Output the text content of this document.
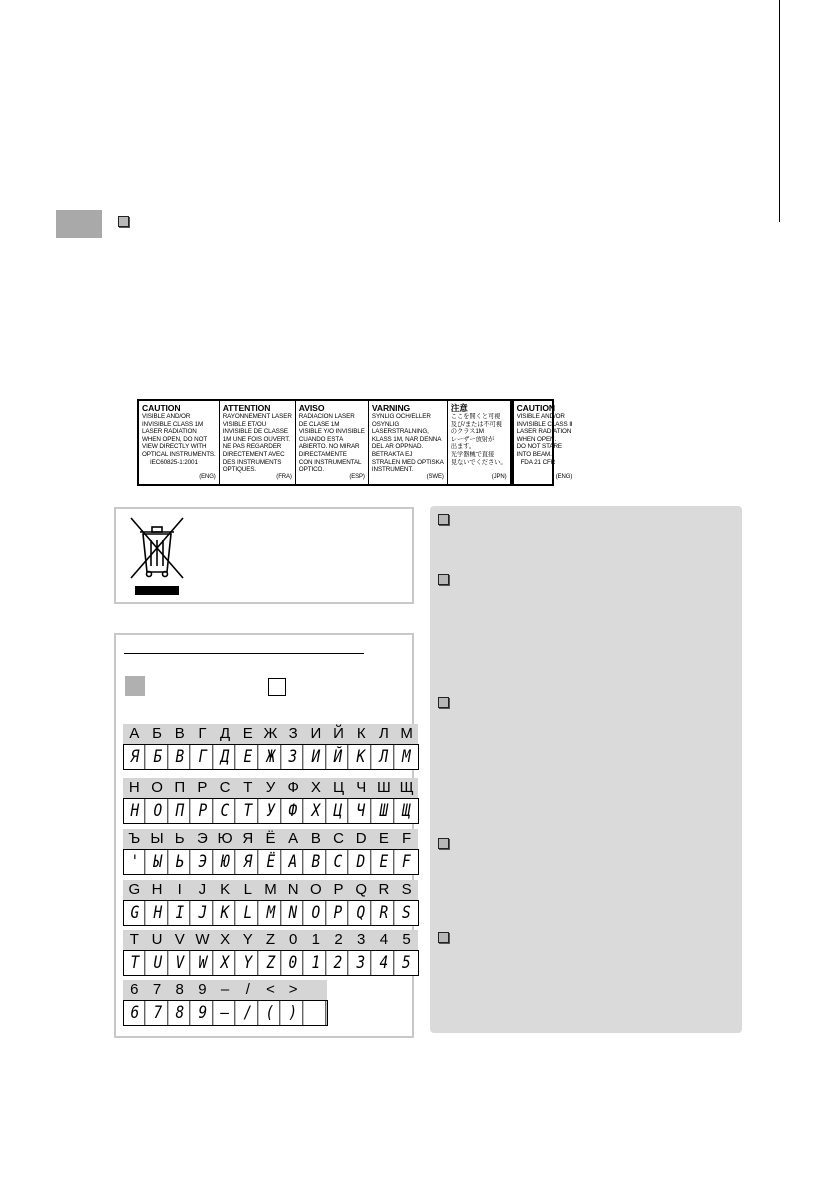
CAUTION
VISIBLE AND/OR
INVISIBLE CLASS 1M
LASER RADIATION
WHEN OPEN, DO NOT
VIEW DIRECTLY WITH
OPTICAL INSTRUMENTS.
IEC60825-1:2001
(ENG)
ATTENTION
RAYONNEMENT LASER
VISIBLE ET/OU
INVISIBLE DE CLASSE
1M UNE FOIS OUVERT.
NE PAS REGARDER
DIRECTEMENT AVEC
DES INSTRUMENTS
OPTIQUES.
(FRA)
AVISO
RADIACIÓN LÁSER
DE CLASE 1M
VISIBLE Y/O INVISIBLE
CUANDO ESTÁ
ABIERTO. NO MIRAR
DIRECTAMENTE
CON INSTRUMENTAL
ÓPTICO.
(ESP)
VARNING
SYNLIG OCH/ELLER
OSYNLIG
LASERSTRÅLNING,
KLASS 1M, NÄR DENNA
DEL ÄR ÖPPNAD.
BETRAKTA EJ
STRÅLEN MED OPTISKA
INSTRUMENT.
(SWE)
注意
ここを開くと可視
及び/または不可視
のクラス1M
レーザー放射が
出ます。
光学器械で直接
見ないでください。
(JPN)
CAUTION
VISIBLE AND/OR
INVISIBLE CLASS Ⅱ
LASER RADIATION
WHEN OPEN.
DO NOT STARE
INTO BEAM.
FDA 21 CFR
(ENG)
А Б В Г Д Е Ж З И Й К Л М
Я Б В Г Д Е Ж З И Й К Л М
Н О П Р С Т У Ф Х Ц Ч Ш Щ
Н О П Р С Т У Ф Х Ц Ч Ш Щ
Ъ Ы Ь Э Ю Я Ё A B C D E F
' Ы Ь Э Ю Я Ё A B C D E F
G H	I	J K L M N O P Q R S
G H I J K L M N O P Q R S
T U V W X Y Z 0 1 2 3 4 5
T U V W X Y Z 0 1 2 3 4 5
6 7 8 9 –	/	< >
6 7 8 9 – / ( )
